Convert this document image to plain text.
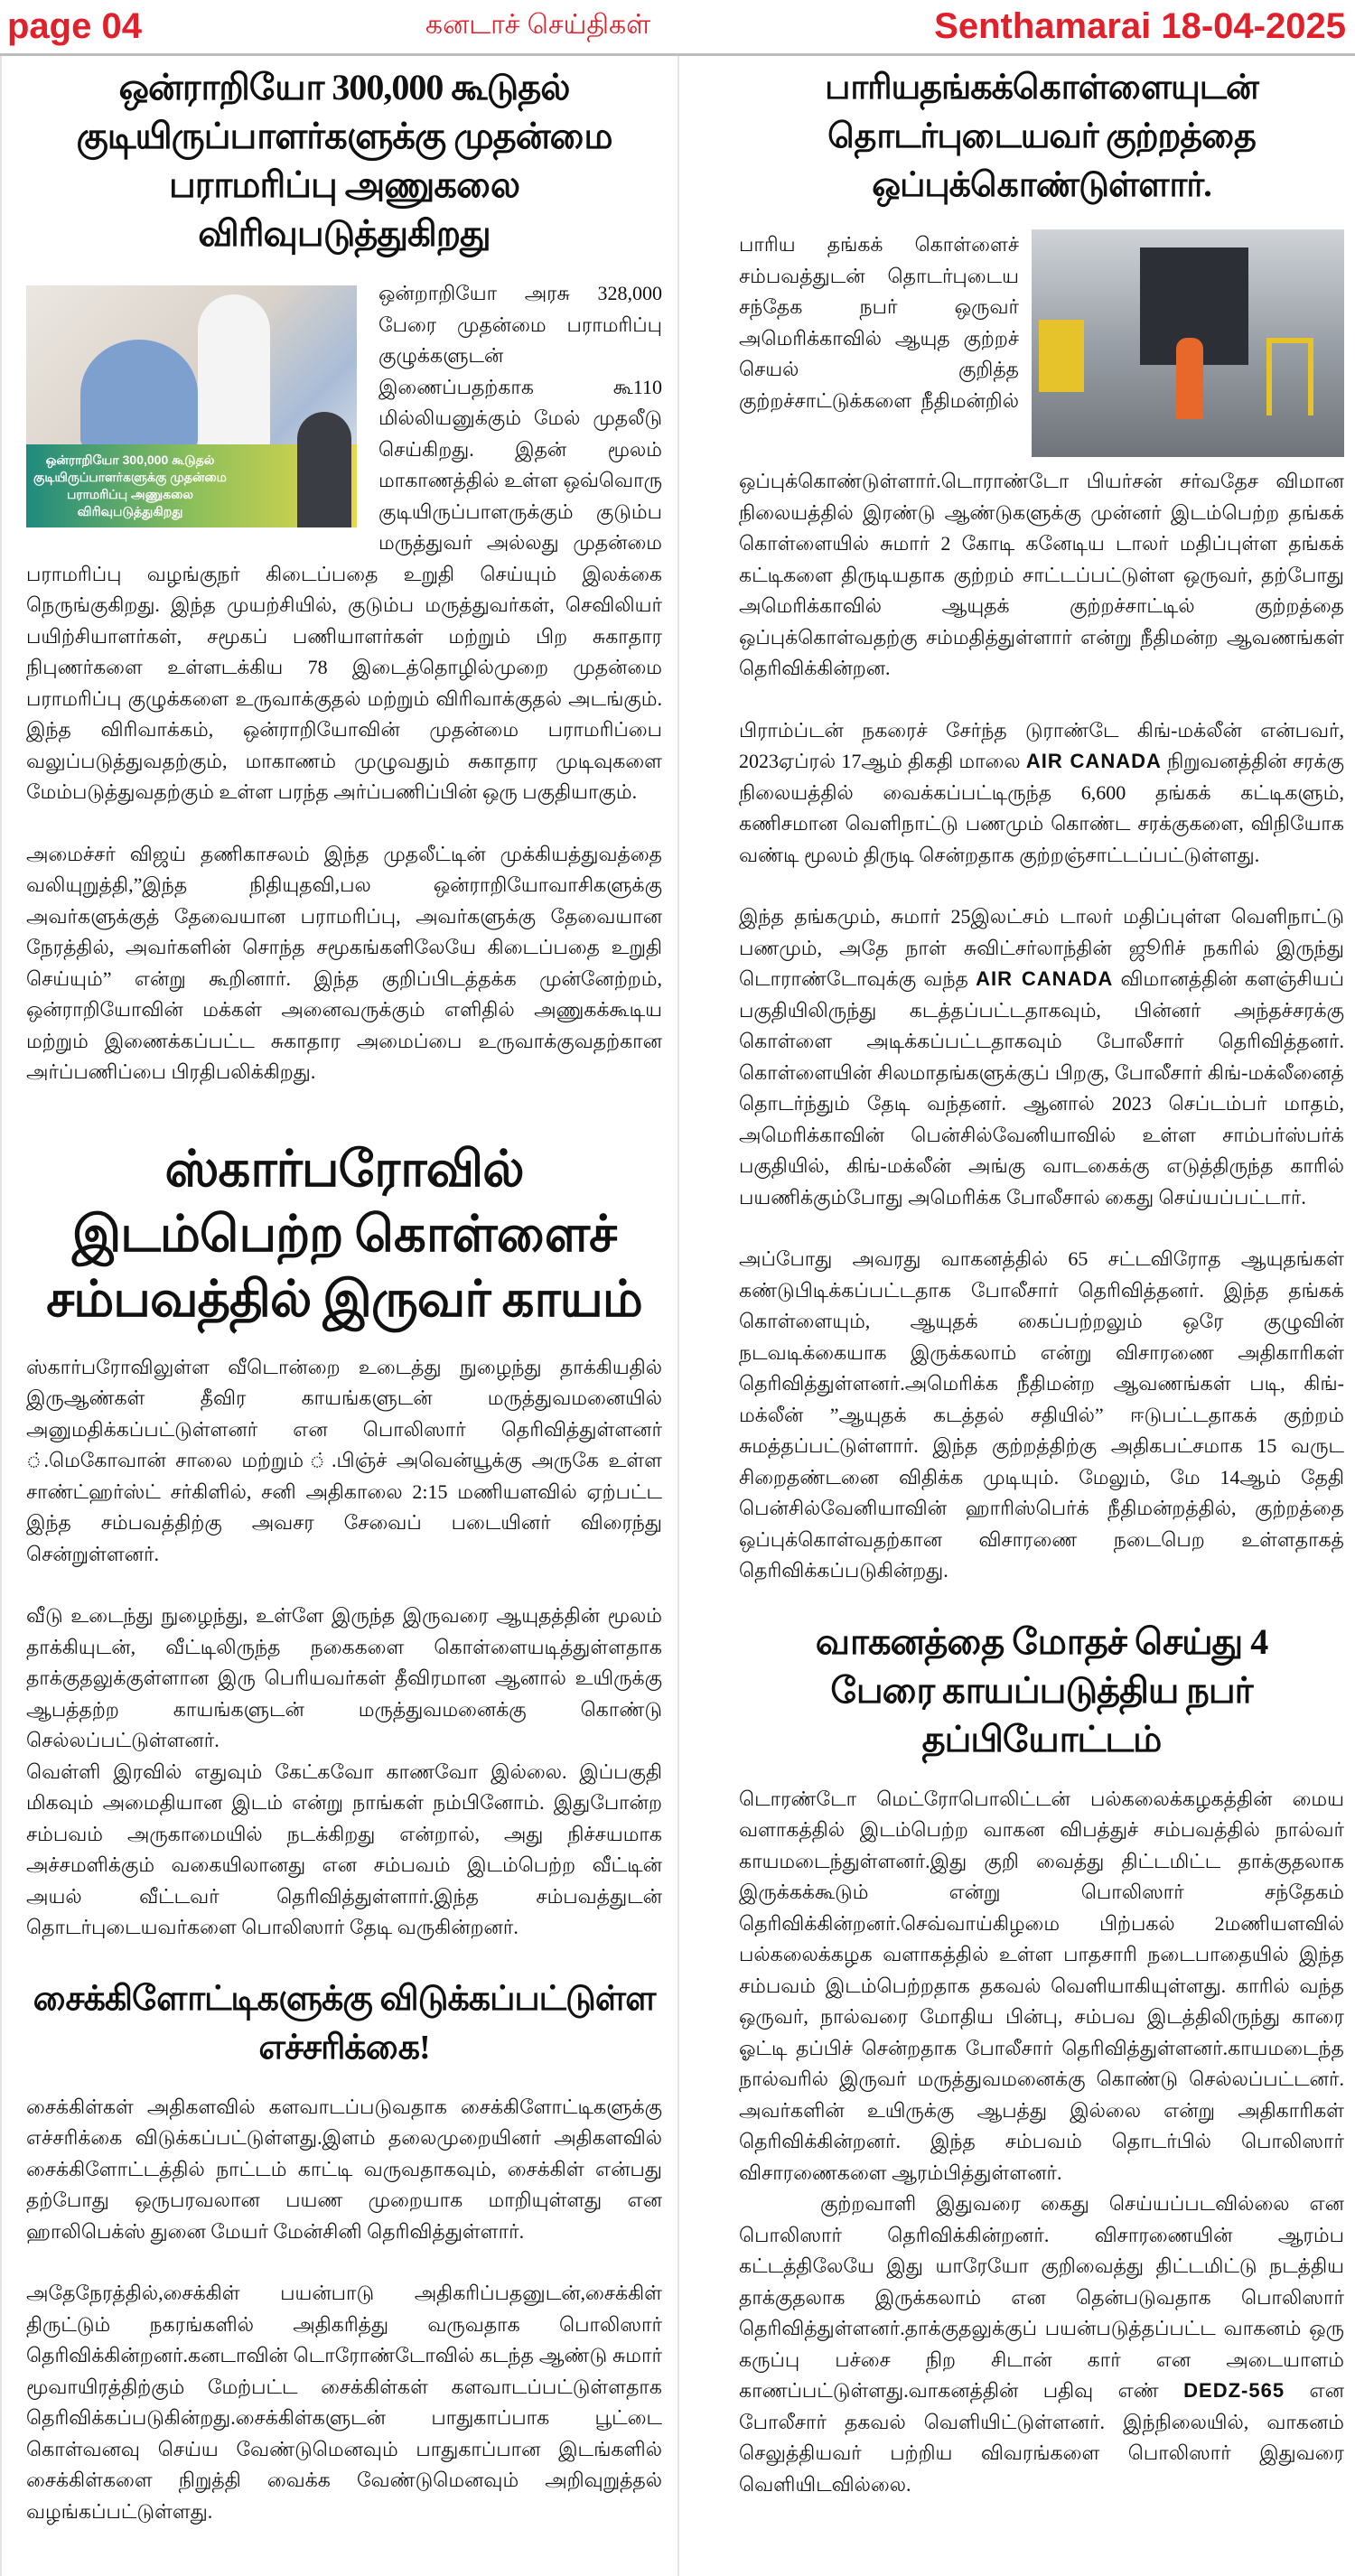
page 04	கனடாச் செய்திகள்	Senthamarai 18-04-2025
ஒன்ராறியோ 300,000 கூடுதல் குடியிருப்பாளர்களுக்கு முதன்மை பராமரிப்பு அணுகலை விரிவுபடுத்துகிறது
ஒன்ராறியோ 300,000 கூடுதல் குடியிருப்பாளர்களுக்கு முதன்மை பராமரிப்பு அணுகலை விரிவுபடுத்துகிறது

ஒன்றாறியோ அரசு 328,000 பேரை முதன்மை பராமரிப்பு குழுக்களுடன் இணைப்பதற்காக கூ110 மில்லியனுக்கும் மேல் முதலீடு செய்கிறது. இதன் மூலம் மாகாணத்தில் உள்ள ஒவ்வொரு குடியிருப்பாளருக்கும் குடும்ப மருத்துவர் அல்லது முதன்மை பராமரிப்பு வழங்குநர் கிடைப்பதை உறுதி செய்யும் இலக்கை நெருங்குகிறது. இந்த முயற்சியில், குடும்ப மருத்துவர்கள், செவிலியர் பயிற்சியாளர்கள், சமூகப் பணியாளர்கள் மற்றும் பிற சுகாதார நிபுணர்களை உள்ளடக்கிய 78 இடைத்தொழில்முறை முதன்மை பராமரிப்பு குழுக்களை உருவாக்குதல் மற்றும் விரிவாக்குதல் அடங்கும். இந்த விரிவாக்கம், ஒன்ராறியோவின் முதன்மை பராமரிப்பை வலுப்படுத்துவதற்கும், மாகாணம் முழுவதும் சுகாதார முடிவுகளை மேம்படுத்துவதற்கும் உள்ள பரந்த அர்ப்பணிப்பின் ஒரு பகுதியாகும்.

அமைச்சர் விஜய் தணிகாசலம் இந்த முதலீட்டின் முக்கியத்துவத்தை வலியுறுத்தி,”இந்த நிதியுதவி,பல ஒன்ராறியோவாசிகளுக்கு அவர்களுக்குத் தேவையான பராமரிப்பு, அவர்களுக்கு தேவையான நேரத்தில், அவர்களின் சொந்த சமூகங்களிலேயே கிடைப்பதை உறுதி செய்யும்” என்று கூறினார். இந்த குறிப்பிடத்தக்க முன்னேற்றம், ஒன்ராறியோவின் மக்கள் அனைவருக்கும் எளிதில் அணுகக்கூடிய மற்றும் இணைக்கப்பட்ட சுகாதார அமைப்பை உருவாக்குவதற்கான அர்ப்பணிப்பை பிரதிபலிக்கிறது.

ஸ்கார்பரோவில் இடம்பெற்ற கொள்ளைச் சம்பவத்தில் இருவர் காயம்

ஸ்கார்பரோவிலுள்ள வீடொன்றை உடைத்து நுழைந்து தாக்கியதில் இருஆண்கள் தீவிர காயங்களுடன் மருத்துவமனையில் அனுமதிக்கப்பட்டுள்ளனர் என பொலிஸார் தெரிவித்துள்ளனர் ்.மெகோவான் சாலை மற்றும் ்.பிஞ்ச் அவென்யூக்கு அருகே உள்ள சாண்ட்ஹர்ஸ்ட் சர்கிளில், சனி அதிகாலை 2:15 மணியளவில் ஏற்பட்ட இந்த சம்பவத்திற்கு அவசர சேவைப் படையினர் விரைந்து சென்றுள்ளனர்.

வீடு உடைந்து நுழைந்து, உள்ளே இருந்த இருவரை ஆயுதத்தின் மூலம் தாக்கியுடன், வீட்டிலிருந்த நகைகளை கொள்ளையடித்துள்ளதாக தாக்குதலுக்குள்ளான இரு பெரியவர்கள் தீவிரமான ஆனால் உயிருக்கு ஆபத்தற்ற காயங்களுடன் மருத்துவமனைக்கு கொண்டு செல்லப்பட்டுள்ளனர்.

வெள்ளி இரவில் எதுவும் கேட்கவோ காணவோ இல்லை. இப்பகுதி மிகவும் அமைதியான இடம் என்று நாங்கள் நம்பினோம். இதுபோன்ற சம்பவம் அருகாமையில் நடக்கிறது என்றால், அது நிச்சயமாக அச்சமளிக்கும் வகையிலானது என சம்பவம் இடம்பெற்ற வீட்டின் அயல் வீட்டவர் தெரிவித்துள்ளார்.இந்த சம்பவத்துடன் தொடர்புடையவர்களை பொலிஸார் தேடி வருகின்றனர்.

சைக்கிளோட்டிகளுக்கு விடுக்கப்பட்டுள்ள எச்சரிக்கை!

சைக்கிள்கள் அதிகளவில் களவாடப்படுவதாக சைக்கிளோட்டிகளுக்கு எச்சரிக்கை விடுக்கப்பட்டுள்ளது.இளம் தலைமுறையினர் அதிகளவில் சைக்கிளோட்டத்தில் நாட்டம் காட்டி வருவதாகவும், சைக்கிள் என்பது தற்போது ஒருபரவலான பயண முறையாக மாறியுள்ளது என ஹாலிபெக்ஸ் துனை மேயர் மேன்சினி தெரிவித்துள்ளார்.

அதேநேரத்தில்,சைக்கிள் பயன்பாடு அதிகரிப்பதனுடன்,சைக்கிள் திருட்டும் நகரங்களில் அதிகரித்து வருவதாக பொலிஸார் தெரிவிக்கின்றனர்.கனடாவின் டொரோண்டோவில் கடந்த ஆண்டு சுமார் மூவாயிரத்திற்கும் மேற்பட்ட சைக்கிள்கள் களவாடப்பட்டுள்ளதாக தெரிவிக்கப்படுகின்றது.சைக்கிள்களுடன் பாதுகாப்பாக பூட்டை கொள்வனவு செய்ய வேண்டுமெனவும் பாதுகாப்பான இடங்களில் சைக்கிள்களை நிறுத்தி வைக்க வேண்டுமெனவும் அறிவுறுத்தல் வழங்கப்பட்டுள்ளது.

பாரியதங்கக்கொள்ளையுடன் தொடர்புடையவர் குற்றத்தை ஒப்புக்கொண்டுள்ளார்.

பாரிய தங்கக் கொள்ளைச் சம்பவத்துடன் தொடர்புடைய சந்தேக நபர் ஒருவர் அமெரிக்காவில் ஆயுத குற்றச் செயல் குறித்த குற்றச்சாட்டுக்களை நீதிமன்றில் ஒப்புக்கொண்டுள்ளார்.டொராண்டோ பியர்சன் சர்வதேச விமான நிலையத்தில் இரண்டு ஆண்டுகளுக்கு முன்னர் இடம்பெற்ற தங்கக் கொள்ளையில் சுமார் 2 கோடி கனேடிய டாலர் மதிப்புள்ள தங்கக் கட்டிகளை திருடியதாக குற்றம் சாட்டப்பட்டுள்ள ஒருவர், தற்போது அமெரிக்காவில் ஆயுதக் குற்றச்சாட்டில் குற்றத்தை ஒப்புக்கொள்வதற்கு சம்மதித்துள்ளார் என்று நீதிமன்ற ஆவணங்கள் தெரிவிக்கின்றன.

பிராம்ப்டன் நகரைச் சேர்ந்த டுராண்டே கிங்-மக்லீன் என்பவர், 2023ஏப்ரல் 17ஆம் திகதி மாலை AIR CANADA நிறுவனத்தின் சரக்கு நிலையத்தில் வைக்கப்பட்டிருந்த 6,600 தங்கக் கட்டிகளும், கணிசமான வெளிநாட்டு பணமும் கொண்ட சரக்குகளை, விநியோக வண்டி மூலம் திருடி சென்றதாக குற்றஞ்சாட்டப்பட்டுள்ளது.

இந்த தங்கமும், சுமார் 25இலட்சம் டாலர் மதிப்புள்ள வெளிநாட்டு பணமும், அதே நாள் சுவிட்சர்லாந்தின் ஜூரிச் நகரில் இருந்து டொராண்டோவுக்கு வந்த AIR CANADA விமானத்தின் களஞ்சியப் பகுதியிலிருந்து கடத்தப்பட்டதாகவும், பின்னர் அந்தச்சரக்கு கொள்ளை அடிக்கப்பட்டதாகவும் போலீசார் தெரிவித்தனர். கொள்ளையின் சிலமாதங்களுக்குப் பிறகு, போலீசார் கிங்-மக்லீனைத் தொடர்ந்தும் தேடி வந்தனர். ஆனால் 2023 செப்டம்பர் மாதம், அமெரிக்காவின் பென்சில்வேனியாவில் உள்ள சாம்பர்ஸ்பர்க் பகுதியில், கிங்-மக்லீன் அங்கு வாடகைக்கு எடுத்திருந்த காரில் பயணிக்கும்போது அமெரிக்க போலீசால் கைது செய்யப்பட்டார்.

அப்போது அவரது வாகனத்தில் 65 சட்டவிரோத ஆயுதங்கள் கண்டுபிடிக்கப்பட்டதாக போலீசார் தெரிவித்தனர். இந்த தங்கக் கொள்ளையும், ஆயுதக் கைப்பற்றலும் ஒரே குழுவின் நடவடிக்கையாக இருக்கலாம் என்று விசாரணை அதிகாரிகள் தெரிவித்துள்ளனர்.அமெரிக்க நீதிமன்ற ஆவணங்கள் படி, கிங்-மக்லீன் ”ஆயுதக் கடத்தல் சதியில்” ஈடுபட்டதாகக் குற்றம் சுமத்தப்பட்டுள்ளார். இந்த குற்றத்திற்கு அதிகபட்சமாக 15 வருட சிறைதண்டனை விதிக்க முடியும். மேலும், மே 14ஆம் தேதி பென்சில்வேனியாவின் ஹாரிஸ்பெர்க் நீதிமன்றத்தில், குற்றத்தை ஒப்புக்கொள்வதற்கான விசாரணை நடைபெற உள்ளதாகத் தெரிவிக்கப்படுகின்றது.

வாகனத்தை மோதச் செய்து 4 பேரை காயப்படுத்திய நபர் தப்பியோட்டம்

டொரண்டோ மெட்ரோபொலிட்டன் பல்கலைக்கழகத்தின் மைய வளாகத்தில் இடம்பெற்ற வாகன விபத்துச் சம்பவத்தில் நால்வர் காயமடைந்துள்ளனர்.இது குறி வைத்து திட்டமிட்ட தாக்குதலாக இருக்கக்கூடும் என்று பொலிஸார் சந்தேகம் தெரிவிக்கின்றனர்.செவ்வாய்கிழமை பிற்பகல் 2மணியளவில் பல்கலைக்கழக வளாகத்தில் உள்ள பாதசாரி நடைபாதையில் இந்த சம்பவம் இடம்பெற்றதாக தகவல் வெளியாகியுள்ளது. காரில் வந்த ஒருவர், நால்வரை மோதிய பின்பு, சம்பவ இடத்திலிருந்து காரை ஓட்டி தப்பிச் சென்றதாக போலீசார் தெரிவித்துள்ளனர்.காயமடைந்த நால்வரில் இருவர் மருத்துவமனைக்கு கொண்டு செல்லப்பட்டனர். அவர்களின் உயிருக்கு ஆபத்து இல்லை என்று அதிகாரிகள் தெரிவிக்கின்றனர். இந்த சம்பவம் தொடர்பில் பொலிஸார் விசாரணைகளை ஆரம்பித்துள்ளனர்.

குற்றவாளி இதுவரை கைது செய்யப்படவில்லை என பொலிஸார் தெரிவிக்கின்றனர். விசாரணையின் ஆரம்ப கட்டத்திலேயே இது யாரேயோ குறிவைத்து திட்டமிட்டு நடத்திய தாக்குதலாக இருக்கலாம் என தென்படுவதாக பொலிஸார் தெரிவித்துள்ளனர்.தாக்குதலுக்குப் பயன்படுத்தப்பட்ட வாகனம் ஒரு கருப்பு பச்சை நிற சிடான் கார் என அடையாளம் காணப்பட்டுள்ளது.வாகனத்தின் பதிவு எண் DEDZ-565 என போலீசார் தகவல் வெளியிட்டுள்ளனர். இந்நிலையில், வாகனம் செலுத்தியவர் பற்றிய விவரங்களை பொலிஸார் இதுவரை வெளியிடவில்லை.
